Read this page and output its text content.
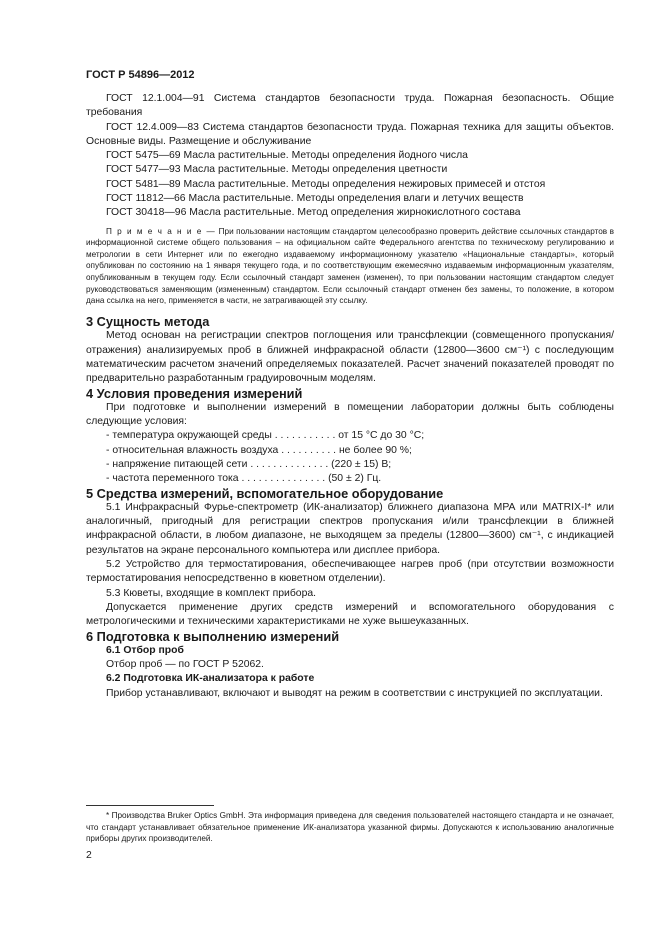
ГОСТ Р 54896—2012

ГОСТ 12.1.004—91 Система стандартов безопасности труда. Пожарная безопасность. Общие требования

ГОСТ 12.4.009—83 Система стандартов безопасности труда. Пожарная техника для защиты объектов. Основные виды. Размещение и обслуживание

ГОСТ 5475—69 Масла растительные. Методы определения йодного числа

ГОСТ 5477—93 Масла растительные. Методы определения цветности

ГОСТ 5481—89 Масла растительные. Методы определения нежировых примесей и отстоя

ГОСТ 11812—66 Масла растительные. Методы определения влаги и летучих веществ

ГОСТ 30418—96 Масла растительные. Метод определения жирнокислотного состава

П р и м е ч а н и е — При пользовании настоящим стандартом целесообразно проверить действие ссылочных стандартов в информационной системе общего пользования – на официальном сайте Федерального агентства по техническому регулированию и метрологии в сети Интернет или по ежегодно издаваемому информационному указателю «Национальные стандарты», который опубликован по состоянию на 1 января текущего года, и по соответствующим ежемесячно издаваемым информационным указателям, опубликованным в текущем году. Если ссылочный стандарт заменен (изменен), то при пользовании настоящим стандартом следует руководствоваться заменяющим (измененным) стандартом. Если ссылочный стандарт отменен без замены, то положение, в котором дана ссылка на него, применяется в части, не затрагивающей эту ссылку.

3 Сущность метода

Метод основан на регистрации спектров поглощения или трансфлекции (совмещенного пропускания/отражения) анализируемых проб в ближней инфракрасной области (12800—3600 см⁻¹) с последующим математическим расчетом значений определяемых показателей. Расчет значений показателей проводят по предварительно разработанным градуировочным моделям.

4 Условия проведения измерений

При подготовке и выполнении измерений в помещении лаборатории должны быть соблюдены следующие условия:

- температура окружающей среды . . . . . . . . . . . от 15 °С до 30 °С;
- относительная влажность воздуха . . . . . . . . . . не более 90 %;
- напряжение питающей сети . . . . . . . . . . . . . . (220 ± 15) В;
- частота переменного тока . . . . . . . . . . . . . . . (50 ± 2) Гц.
5 Средства измерений, вспомогательное оборудование

5.1 Инфракрасный Фурье-спектрометр (ИК-анализатор) ближнего диапазона MPA или MATRIX-I* или аналогичный, пригодный для регистрации спектров пропускания и/или трансфлекции в ближней инфракрасной области, в любом диапазоне, не выходящем за пределы (12800—3600) см⁻¹, с индикацией результатов на экране персонального компьютера или дисплее прибора.

5.2 Устройство для термостатирования, обеспечивающее нагрев проб (при отсутствии возможности термостатирования непосредственно в кюветном отделении).

5.3 Кюветы, входящие в комплект прибора.

Допускается применение других средств измерений и вспомогательного оборудования с метрологическими и техническими характеристиками не хуже вышеуказанных.

6 Подготовка к выполнению измерений
6.1 Отбор проб

Отбор проб — по ГОСТ Р 52062.

6.2 Подготовка ИК-анализатора к работе

Прибор устанавливают, включают и выводят на режим в соответствии с инструкцией по эксплуатации.

* Производства Bruker Optics GmbH. Эта информация приведена для сведения пользователей настоящего стандарта и не означает, что стандарт устанавливает обязательное применение ИК-анализатора указанной фирмы. Допускаются к использованию аналогичные приборы других производителей.
2
